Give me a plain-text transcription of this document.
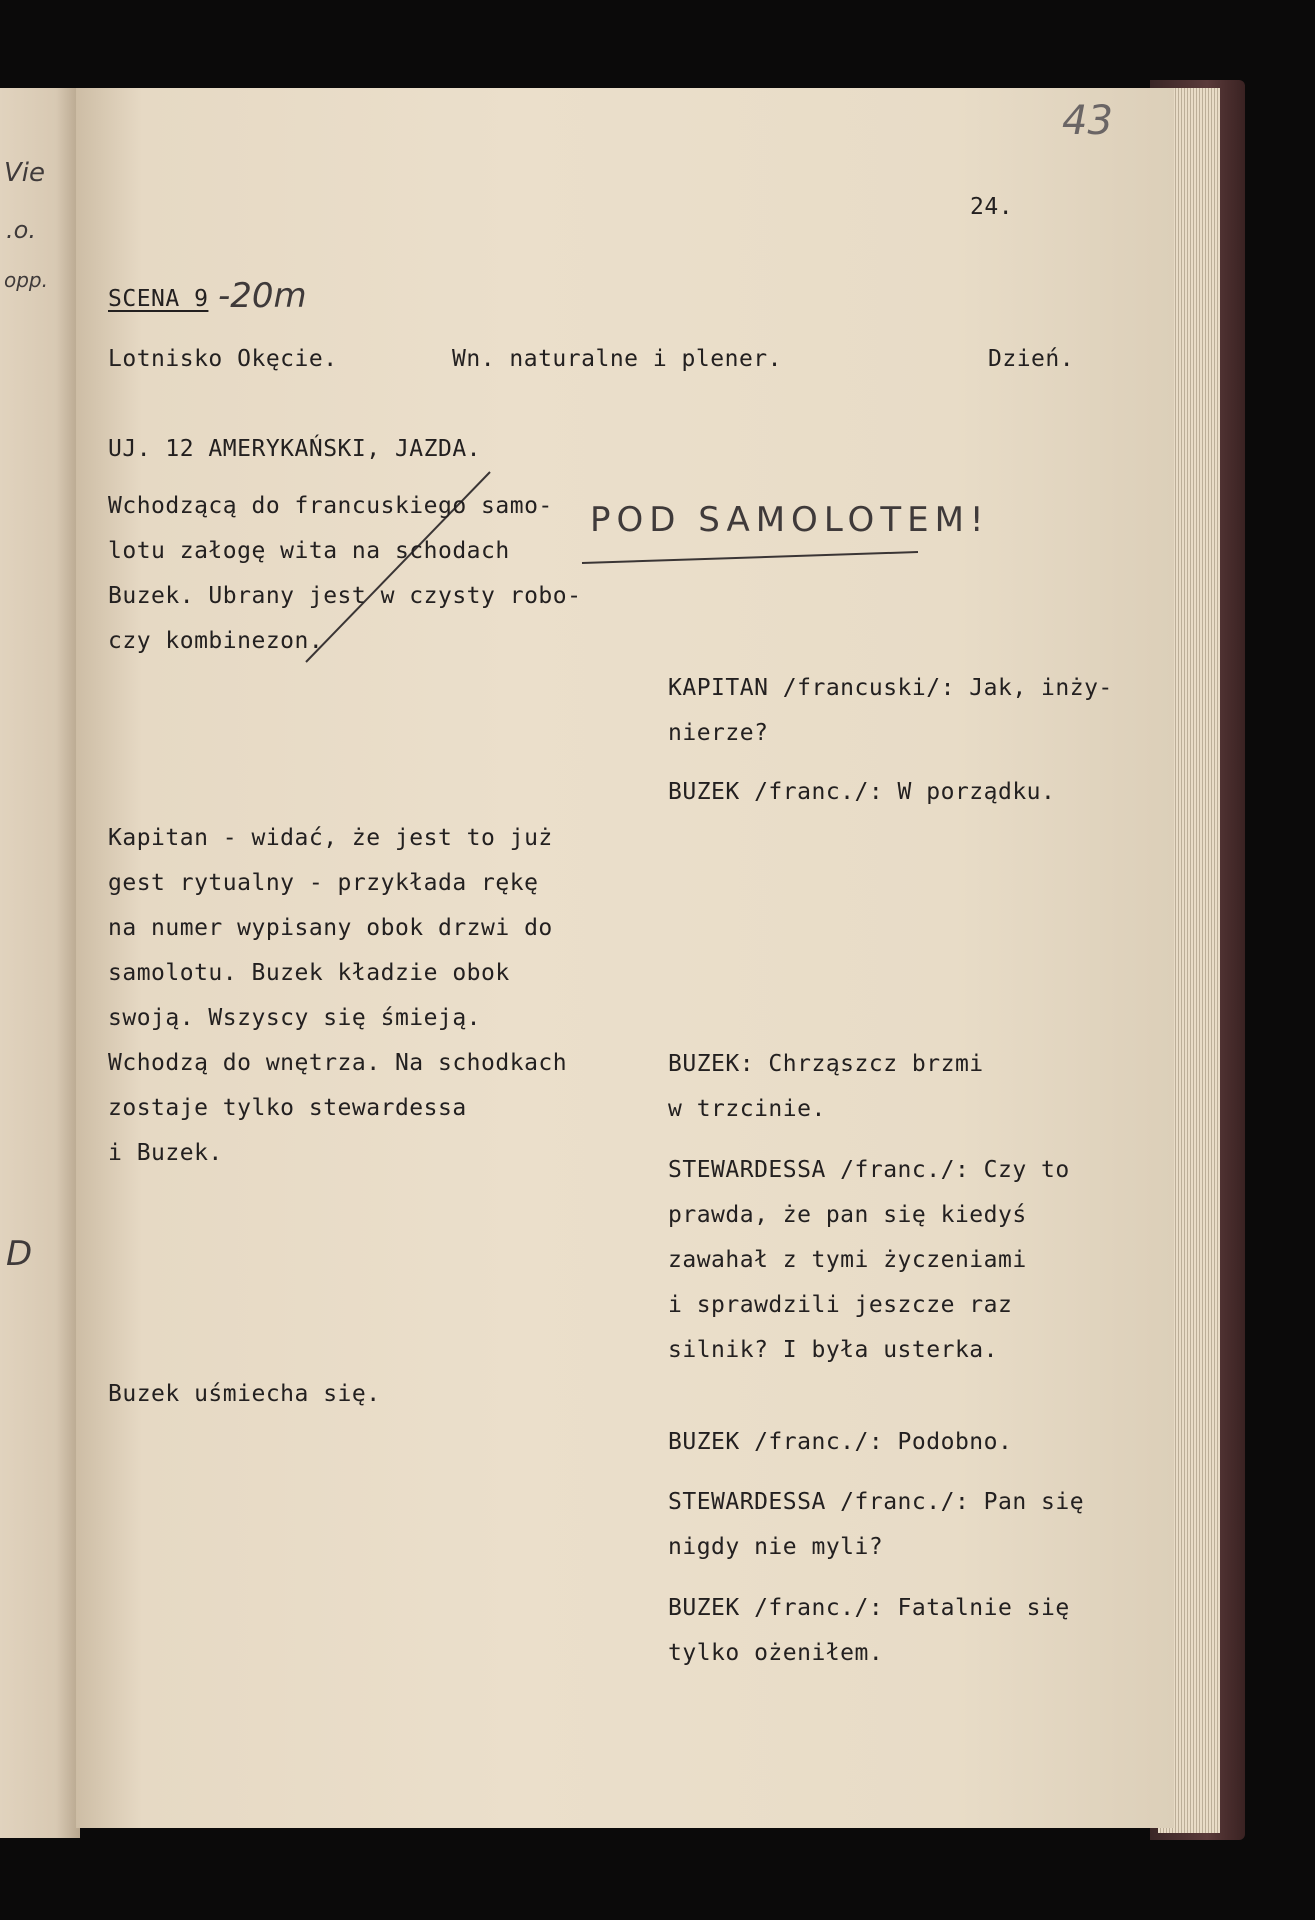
Vie
.o.
opp.
D
43
24.
SCENA 9 -20m
Lotnisko Okęcie.	Wn. naturalne i plener.	Dzień.
UJ. 12 AMERYKAŃSKI, JAZDA.
POD SAMOLOTEM!
Wchodzącą do francuskiego samo-
lotu załogę wita na schodach
Buzek. Ubrany jest w czysty robo-
czy kombinezon.
KAPITAN /francuski/: Jak, inży-
nierze?
BUZEK /franc./: W porządku.
Kapitan - widać, że jest to już
gest rytualny - przykłada rękę
na numer wypisany obok drzwi do
samolotu. Buzek kładzie obok
swoją. Wszyscy się śmieją.
Wchodzą do wnętrza. Na schodkach
zostaje tylko stewardessa
i Buzek.
BUZEK: Chrząszcz brzmi
w trzcinie.
STEWARDESSA /franc./: Czy to
prawda, że pan się kiedyś
zawahał z tymi życzeniami
i sprawdzili jeszcze raz
silnik? I była usterka.
Buzek uśmiecha się.
BUZEK /franc./: Podobno.
STEWARDESSA /franc./: Pan się
nigdy nie myli?
BUZEK /franc./: Fatalnie się
tylko ożeniłem.
